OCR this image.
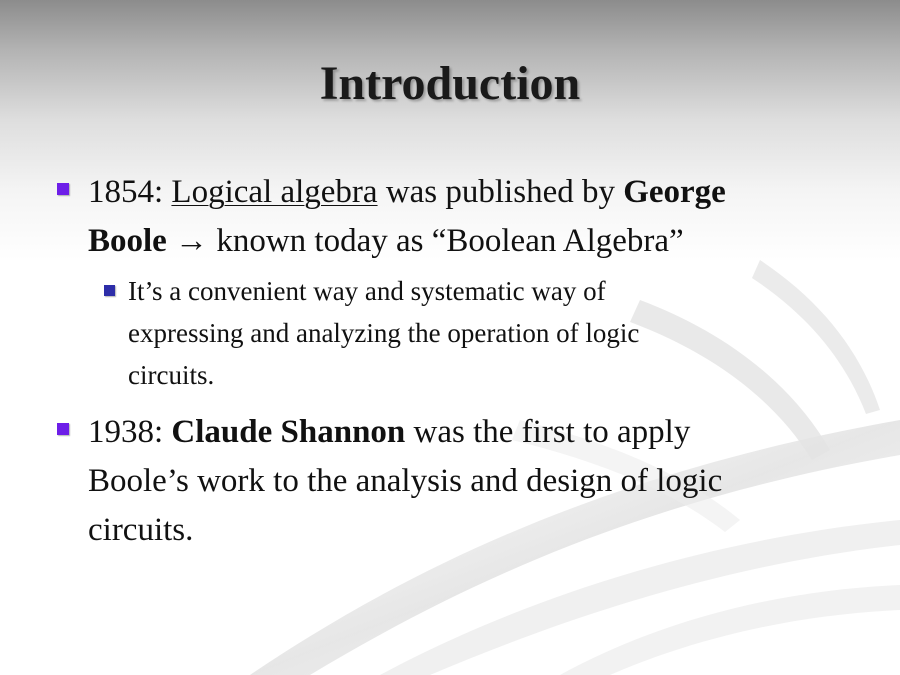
Introduction
1854: Logical algebra was published by George
Boole → known today as “Boolean Algebra”
It’s a convenient way and systematic way of
expressing and analyzing the operation of logic
circuits.
1938: Claude Shannon was the first to apply
Boole’s work to the analysis and design of logic
circuits.
